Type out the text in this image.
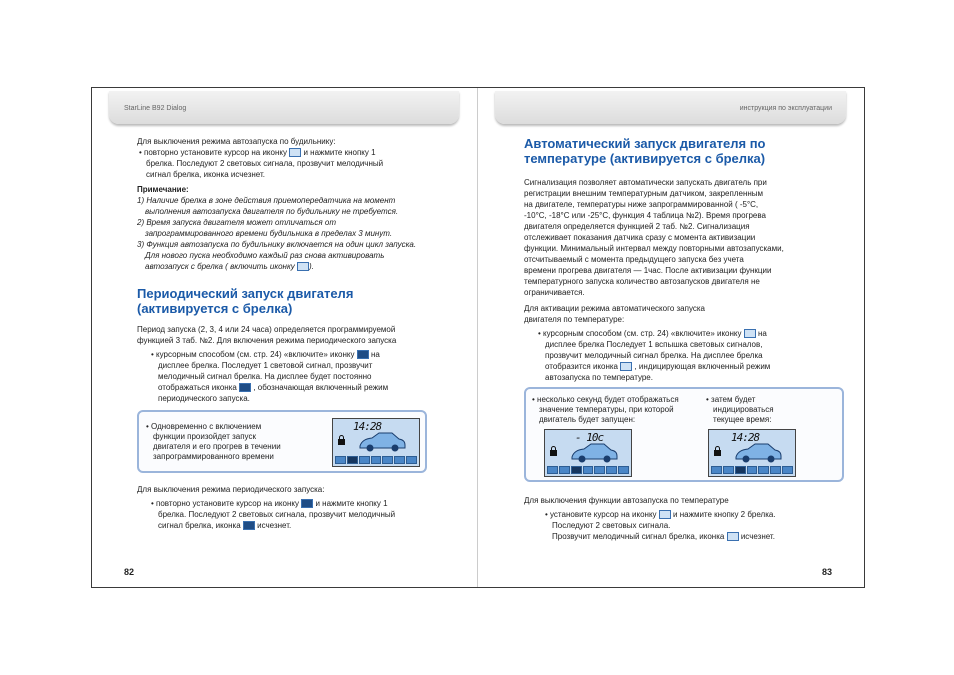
StarLine B92 Dialog

Для выключения режима автозапуска по будильнику:

• повторно установите курсор на иконку и нажмите кнопку 1
брелка. Последуют 2 световых сигнала, прозвучит мелодичный
сигнал брелка, иконка исчезнет.

Примечание:

1) Наличие брелка в зоне действия приемопередатчика на момент

выполнения автозапуска двигателя по будильнику не требуется.

2) Время запуска двигателя может отличаться от

запрограммированного времени будильника в пределах 3 минут.

3) Функция автозапуска по будильнику включается на один цикл запуска.

Для нового пуска необходимо каждый раз снова активировать

автозапуск с брелка ( включить иконку ).

Периодический запуск двигателя
(активируется с брелка)

Период запуска (2, 3, 4 или 24 часа) определяется программируемой

функцией 3 таб. №2. Для включения режима периодического запуска

• курсорным способом (см. стр. 24) «включите» иконку на
дисплее брелка. Последует 1 световой сигнал, прозвучит
мелодичный сигнал брелка. На дисплее будет постоянно
отображаться иконка , обозначающая включенный режим
периодического запуска.

• Одновременно с включением

функции произойдет запуск

двигателя и его прогрев в течении

запрограммированного времени

14:28

Для выключения режима периодического запуска:

• повторно установите курсор на иконку и нажмите кнопку 1
брелка. Последуют 2 световых сигнала, прозвучит мелодичный
сигнал брелка, иконка исчезнет.

82
инструкция по эксплуатации
Автоматический запуск двигателя по
температуре (активируется с брелка)

Сигнализация позволяет автоматически запускать двигатель при

регистрации внешним температурным датчиком, закрепленным

на двигателе, температуры ниже запрограммированной ( -5°С,

-10°С, -18°С или -25°С, функция 4 таблица №2). Время прогрева

двигателя определяется функцией 2 таб. №2. Сигнализация

отслеживает показания датчика сразу с момента активизации

функции. Минимальный интервал между повторными автозапусками,

отсчитываемый с момента предыдущего запуска без учета

времени прогрева двигателя — 1час. После активизации функции

температурного запуска количество автозапусков двигателя не

ограничивается.

Для активации режима автоматического запуска

двигателя по температуре:

• курсорным способом (см. стр. 24) «включите» иконку на
дисплее брелка Последует 1 вспышка световых сигналов,
прозвучит мелодичный сигнал брелка. На дисплее брелка
отобразится иконка , индицирующая включенный режим
автозапуска по температуре.

• несколько секунд будет отображаться

значение температуры, при которой

двигатель будет запущен:

• затем будет

индицироваться

текущее время:

- 10c	14:28

Для выключения функции автозапуска по температуре

• установите курсор на иконку и нажмите кнопку 2 брелка.
Последуют 2 световых сигнала.
Прозвучит мелодичный сигнал брелка, иконка исчезнет.

83
